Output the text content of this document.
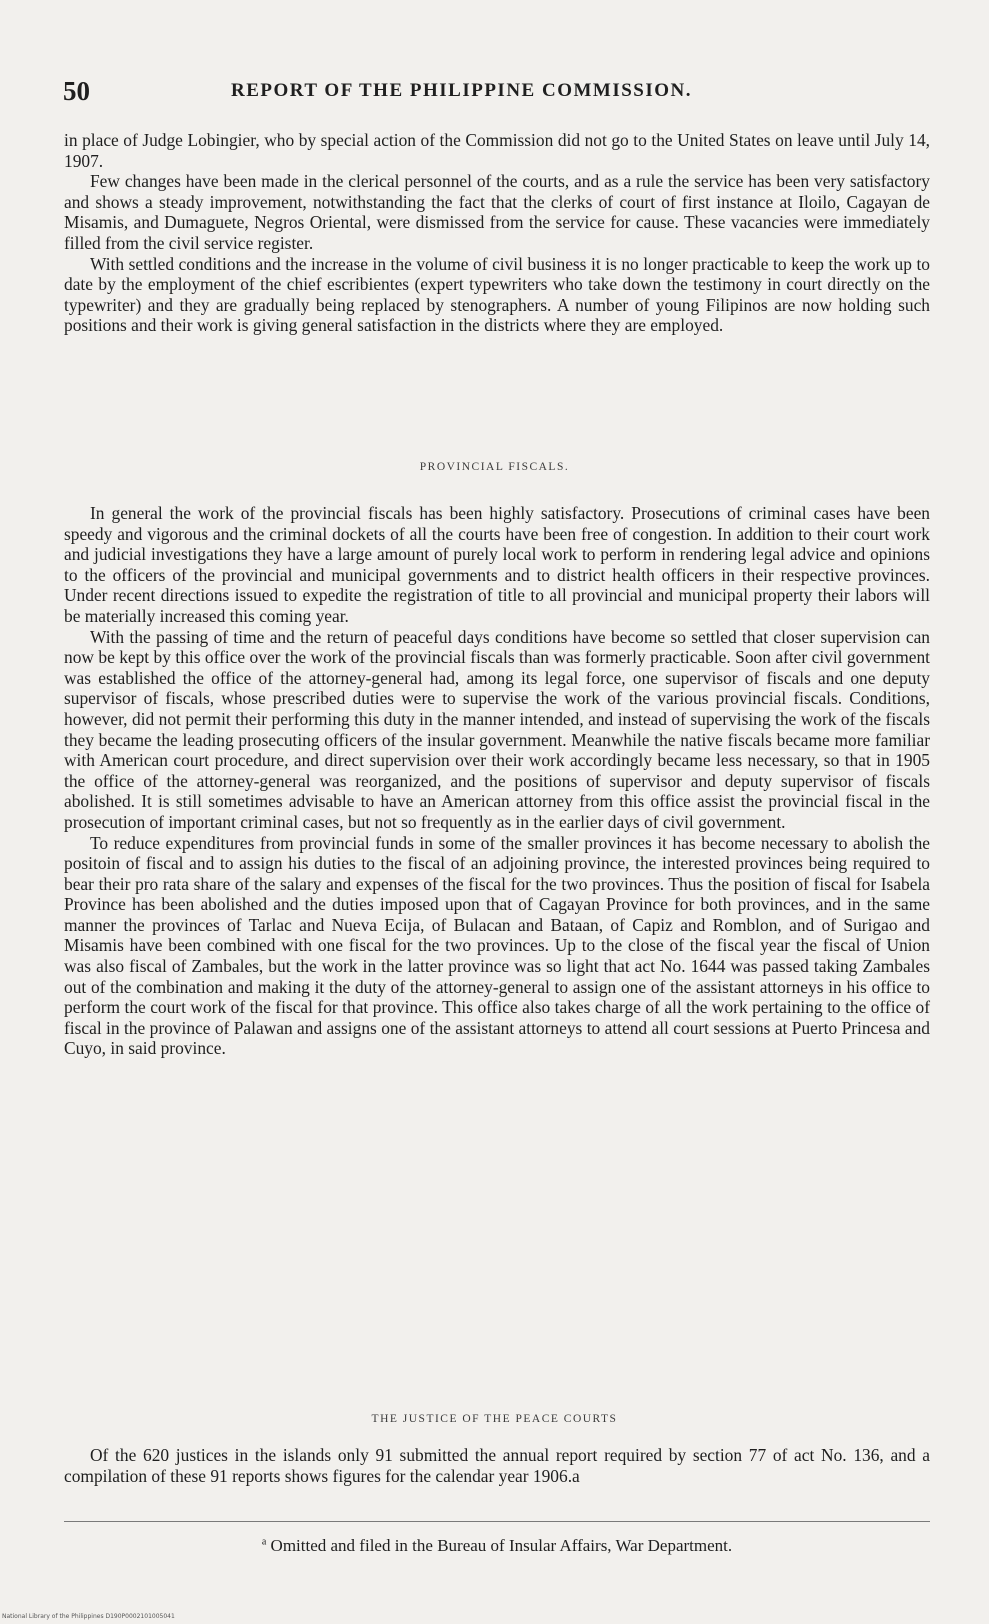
50	REPORT OF THE PHILIPPINE COMMISSION.

in place of Judge Lobingier, who by special action of the Commission did not go to the United States on leave until July 14, 1907.

Few changes have been made in the clerical personnel of the courts, and as a rule the service has been very satisfactory and shows a steady improvement, notwithstanding the fact that the clerks of court of first instance at Iloilo, Cagayan de Misamis, and Dumaguete, Negros Oriental, were dismissed from the service for cause. These vacancies were immediately filled from the civil service register.

With settled conditions and the increase in the volume of civil business it is no longer practicable to keep the work up to date by the employment of the chief escribientes (expert typewriters who take down the testimony in court directly on the typewriter) and they are gradually being replaced by stenographers. A number of young Filipinos are now holding such positions and their work is giving general satisfaction in the districts where they are employed.

PROVINCIAL FISCALS.

In general the work of the provincial fiscals has been highly satisfactory. Prosecutions of criminal cases have been speedy and vigorous and the criminal dockets of all the courts have been free of congestion. In addition to their court work and judicial investigations they have a large amount of purely local work to perform in rendering legal advice and opinions to the officers of the provincial and municipal governments and to district health officers in their respective provinces. Under recent directions issued to expedite the registration of title to all provincial and municipal property their labors will be materially increased this coming year.

With the passing of time and the return of peaceful days conditions have become so settled that closer supervision can now be kept by this office over the work of the provincial fiscals than was formerly practicable. Soon after civil government was established the office of the attorney-general had, among its legal force, one supervisor of fiscals and one deputy supervisor of fiscals, whose prescribed duties were to supervise the work of the various provincial fiscals. Conditions, however, did not permit their performing this duty in the manner intended, and instead of supervising the work of the fiscals they became the leading prosecuting officers of the insular government. Meanwhile the native fiscals became more familiar with American court procedure, and direct supervision over their work accordingly became less necessary, so that in 1905 the office of the attorney-general was reorganized, and the positions of supervisor and deputy supervisor of fiscals abolished. It is still sometimes advisable to have an American attorney from this office assist the provincial fiscal in the prosecution of important criminal cases, but not so frequently as in the earlier days of civil government.

To reduce expenditures from provincial funds in some of the smaller provinces it has become necessary to abolish the positoin of fiscal and to assign his duties to the fiscal of an adjoining province, the interested provinces being required to bear their pro rata share of the salary and expenses of the fiscal for the two provinces. Thus the position of fiscal for Isabela Province has been abolished and the duties imposed upon that of Cagayan Province for both provinces, and in the same manner the provinces of Tarlac and Nueva Ecija, of Bulacan and Bataan, of Capiz and Romblon, and of Surigao and Misamis have been combined with one fiscal for the two provinces. Up to the close of the fiscal year the fiscal of Union was also fiscal of Zambales, but the work in the latter province was so light that act No. 1644 was passed taking Zambales out of the combination and making it the duty of the attorney-general to assign one of the assistant attorneys in his office to perform the court work of the fiscal for that province. This office also takes charge of all the work pertaining to the office of fiscal in the province of Palawan and assigns one of the assistant attorneys to attend all court sessions at Puerto Princesa and Cuyo, in said province.

THE JUSTICE OF THE PEACE COURTS

Of the 620 justices in the islands only 91 submitted the annual report required by section 77 of act No. 136, and a compilation of these 91 reports shows figures for the calendar year 1906.a

$^a$ Omitted and filed in the Bureau of Insular Affairs, War Department.
National Library of the Philippines D190P0002101005041
